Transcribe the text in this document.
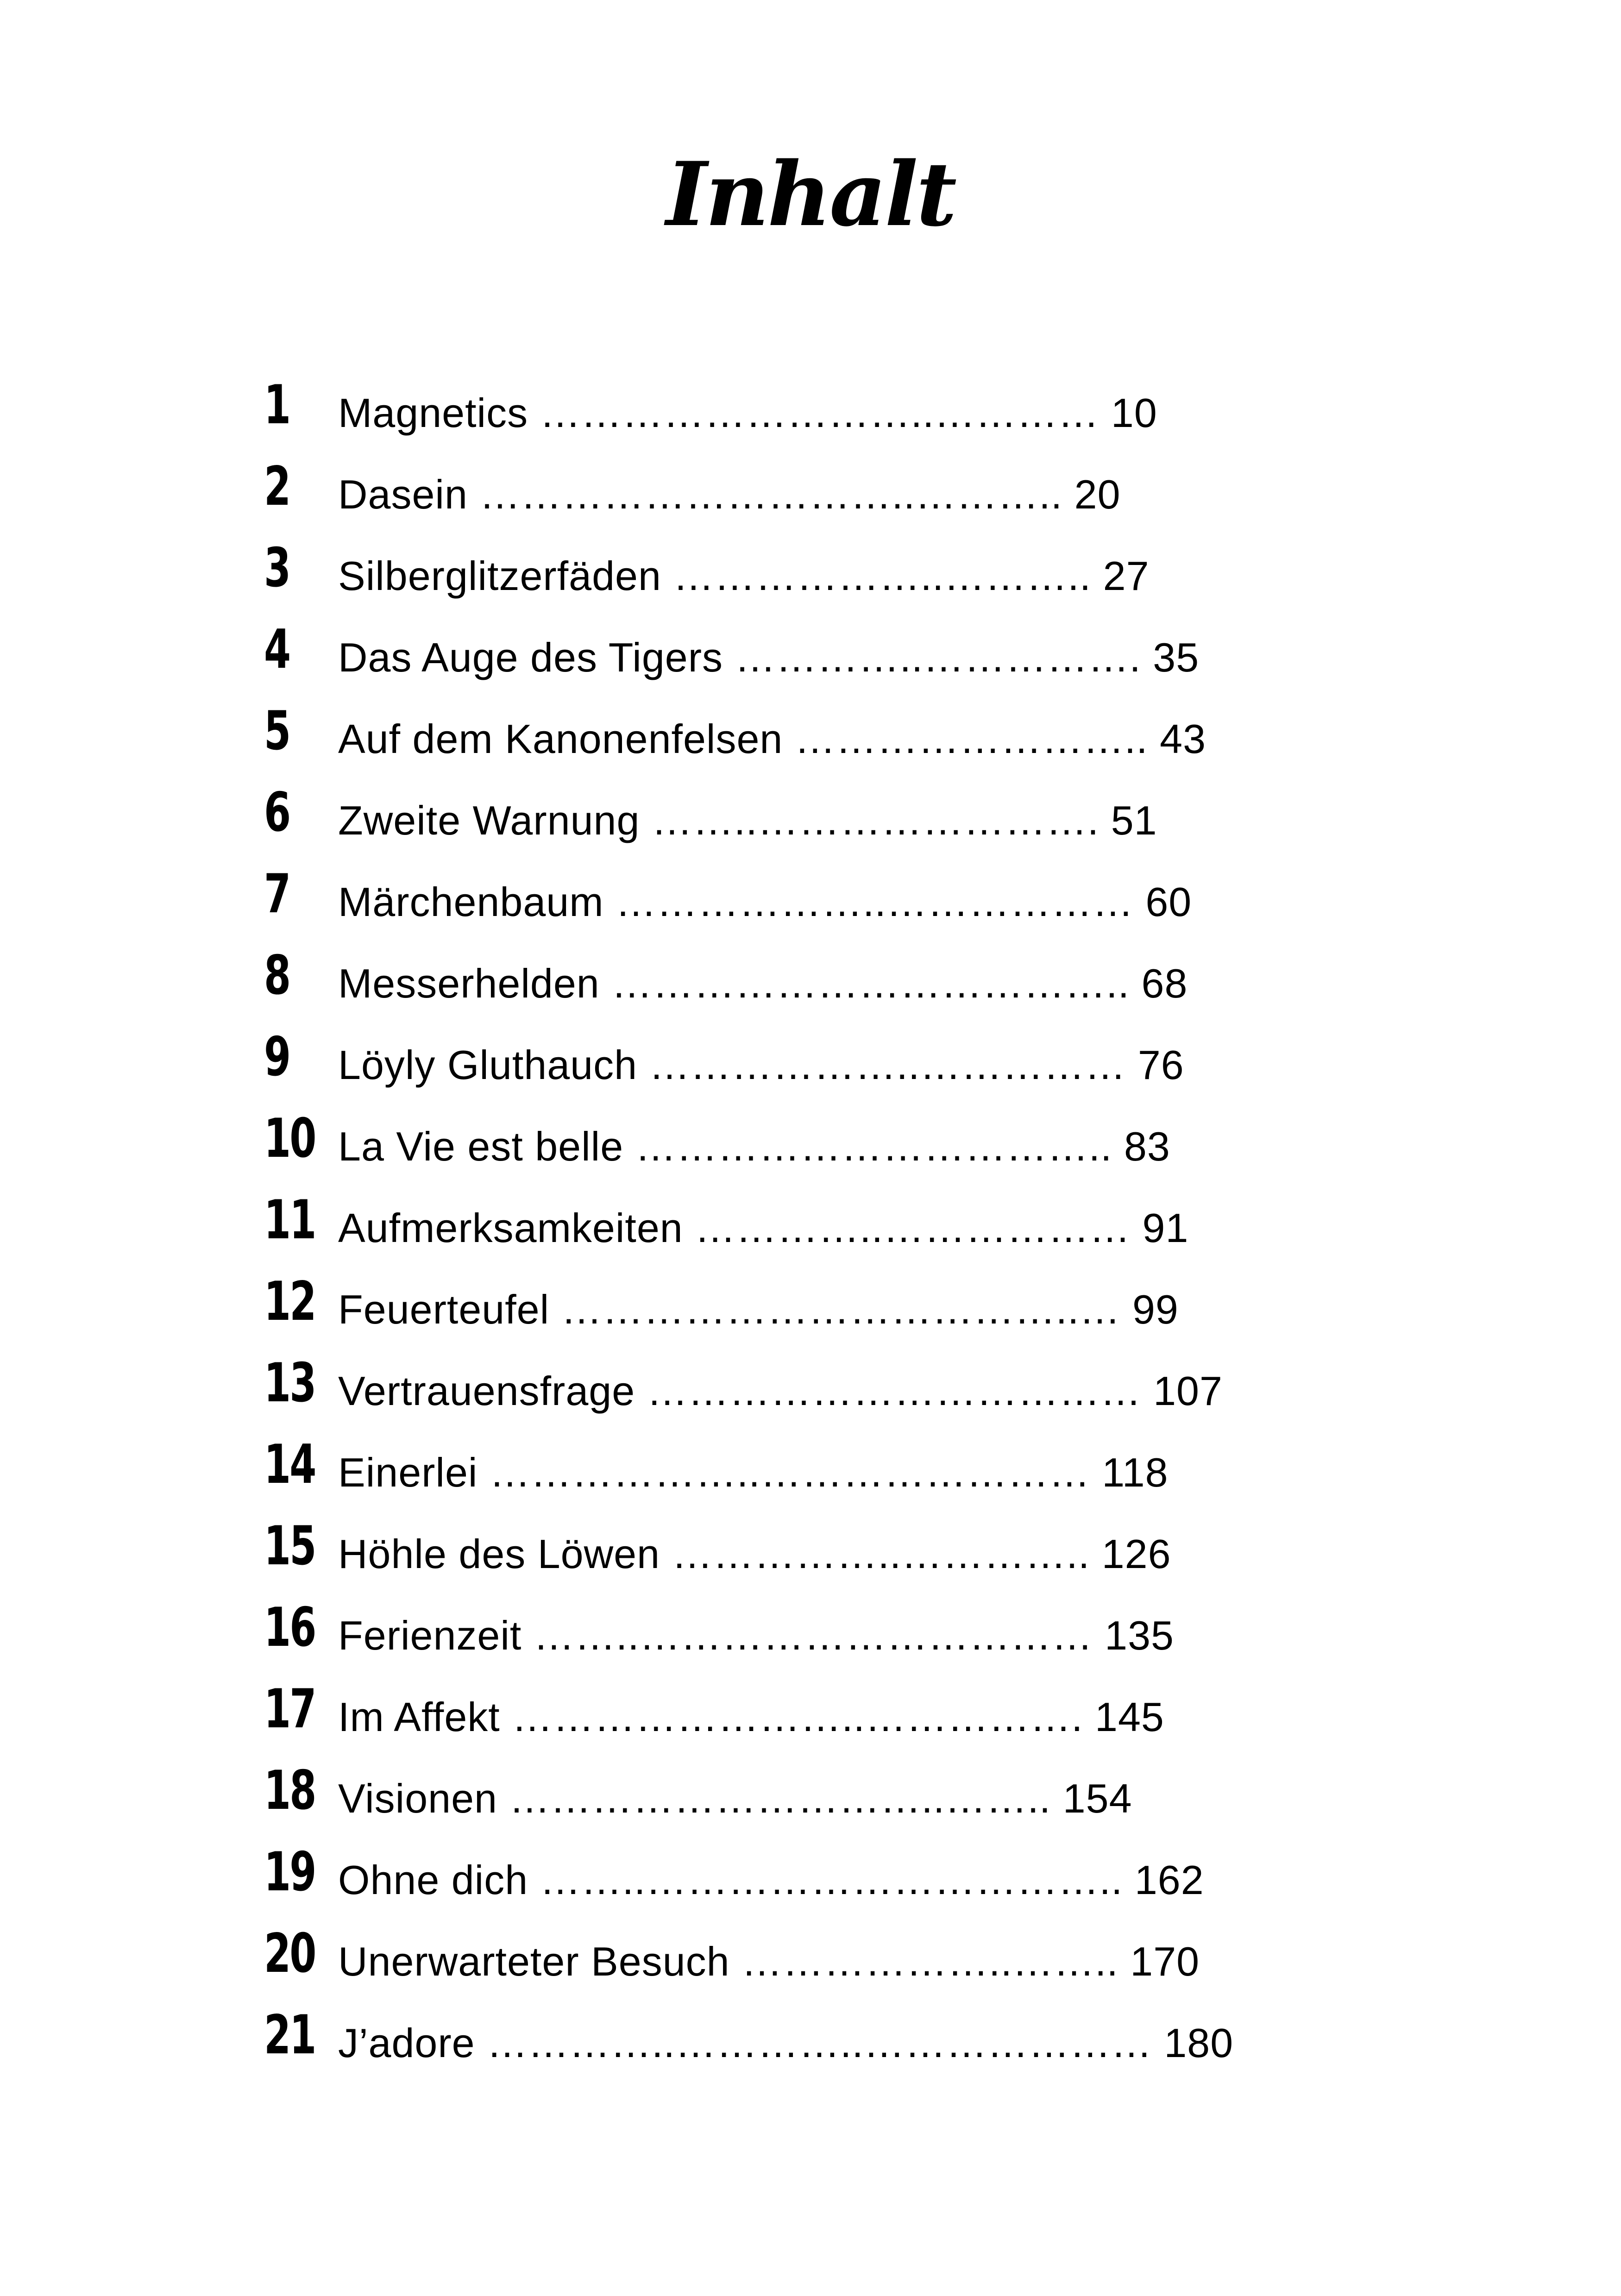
Inhalt
1	Magnetics ………………………..………… 10
2	Dasein …………………………..……….. 20
3	Silberglitzerfäden ………………..……….. 27
4	Das Auge des Tigers …………..……………. 35
5	Auf dem Kanonenfelsen …………………….. 43
6	Zweite Warnung ……..……………………. 51
7	Märchenbaum ………………..……………… 60
8	Messerhelden ……………………………….. 68
9	Löyly Gluthauch ………………..…………… 76
10 La Vie est belle …………………………….. 83
11 Aufmerksamkeiten …………..……………… 91
12 Feuerteufel ………………………………..… 99
13 Vertrauensfrage ……………………………… 107
14 Einerlei ………………..…………………… 118
15 Höhle des Löwen ……………..………….. 126
16 Ferienzeit ……..…………………………… 135
17 Im Affekt ……………………..……………. 145
18 Visionen …………………………..…….. 154
19 Ohne dich ……..…………………………….. 162
20 Unerwarteter Besuch ………………..…….. 170
21 J’adore …………..…………..………………… 180
